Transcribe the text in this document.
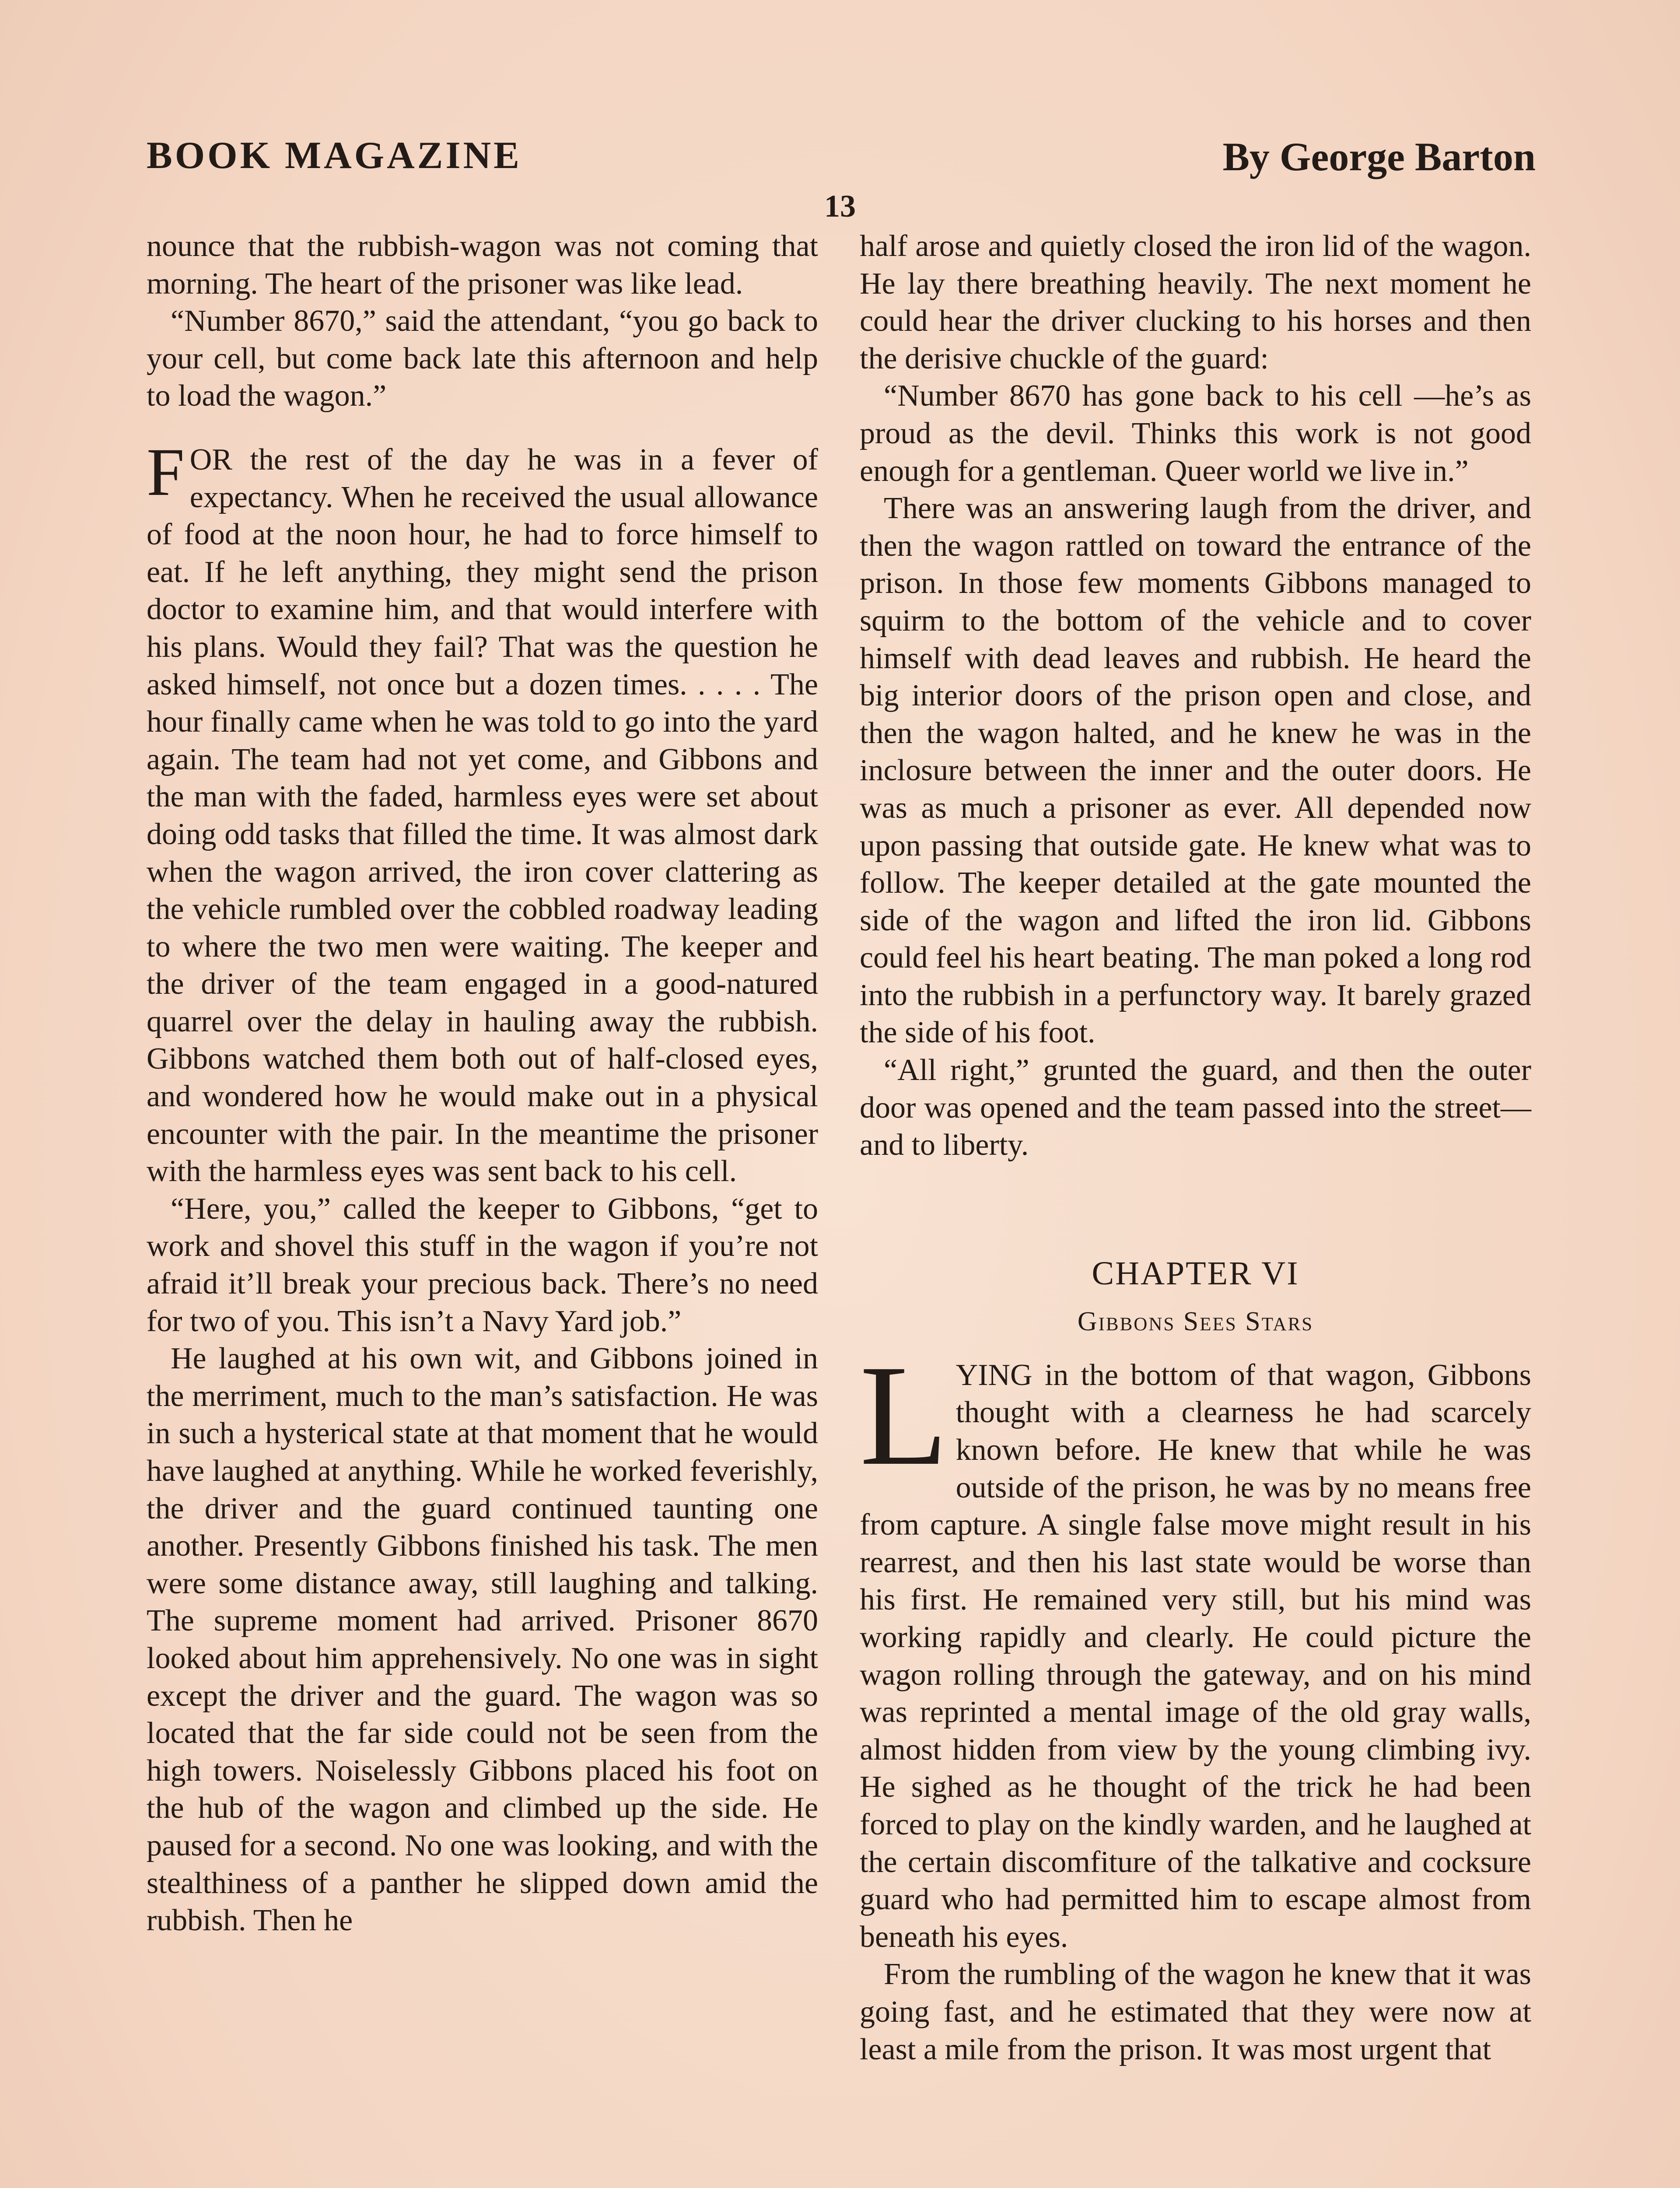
BOOK MAGAZINE	By George Barton
13

nounce that the rubbish-wagon was not coming that morning. The heart of the prisoner was like lead.

“Number 8670,” said the attendant, “you go back to your cell, but come back late this afternoon and help to load the wagon.”

FOR the rest of the day he was in a fever of expectancy. When he received the usual allowance of food at the noon hour, he had to force himself to eat. If he left anything, they might send the prison doctor to examine him, and that would interfere with his plans. Would they fail? That was the question he asked himself, not once but a dozen times. . . . . The hour finally came when he was told to go into the yard again. The team had not yet come, and Gibbons and the man with the faded, harmless eyes were set about doing odd tasks that filled the time. It was almost dark when the wagon arrived, the iron cover clattering as the vehicle rumbled over the cobbled roadway leading to where the two men were waiting. The keeper and the driver of the team engaged in a good-natured quarrel over the delay in hauling away the rubbish. Gibbons watched them both out of half-closed eyes, and wondered how he would make out in a physical encounter with the pair. In the meantime the prisoner with the harmless eyes was sent back to his cell.

“Here, you,” called the keeper to Gibbons, “get to work and shovel this stuff in the wagon if you’re not afraid it’ll break your precious back. There’s no need for two of you. This isn’t a Navy Yard job.”

He laughed at his own wit, and Gibbons joined in the merriment, much to the man’s satisfaction. He was in such a hysterical state at that moment that he would have laughed at anything. While he worked feverishly, the driver and the guard continued taunting one another. Presently Gibbons finished his task. The men were some distance away, still laughing and talking. The supreme moment had arrived. Prisoner 8670 looked about him apprehensively. No one was in sight except the driver and the guard. The wagon was so located that the far side could not be seen from the high towers. Noiselessly Gibbons placed his foot on the hub of the wagon and climbed up the side. He paused for a second. No one was looking, and with the stealthiness of a panther he slipped down amid the rubbish. Then he

half arose and quietly closed the iron lid of the wagon. He lay there breathing heavily. The next moment he could hear the driver clucking to his horses and then the derisive chuckle of the guard:

“Number 8670 has gone back to his cell —he’s as proud as the devil. Thinks this work is not good enough for a gentleman. Queer world we live in.”

There was an answering laugh from the driver, and then the wagon rattled on toward the entrance of the prison. In those few moments Gibbons managed to squirm to the bottom of the vehicle and to cover himself with dead leaves and rubbish. He heard the big interior doors of the prison open and close, and then the wagon halted, and he knew he was in the inclosure between the inner and the outer doors. He was as much a prisoner as ever. All depended now upon passing that outside gate. He knew what was to follow. The keeper detailed at the gate mounted the side of the wagon and lifted the iron lid. Gibbons could feel his heart beating. The man poked a long rod into the rubbish in a perfunctory way. It barely grazed the side of his foot.

“All right,” grunted the guard, and then the outer door was opened and the team passed into the street—and to liberty.

CHAPTER VI
Gibbons Sees Stars

LYING in the bottom of that wagon, Gibbons thought with a clearness he had scarcely known before. He knew that while he was outside of the prison, he was by no means free from capture. A single false move might result in his rearrest, and then his last state would be worse than his first. He remained very still, but his mind was working rapidly and clearly. He could picture the wagon rolling through the gateway, and on his mind was reprinted a mental image of the old gray walls, almost hidden from view by the young climbing ivy. He sighed as he thought of the trick he had been forced to play on the kindly warden, and he laughed at the certain discomfiture of the talkative and cocksure guard who had permitted him to escape almost from beneath his eyes.

From the rumbling of the wagon he knew that it was going fast, and he estimated that they were now at least a mile from the prison. It was most urgent that
